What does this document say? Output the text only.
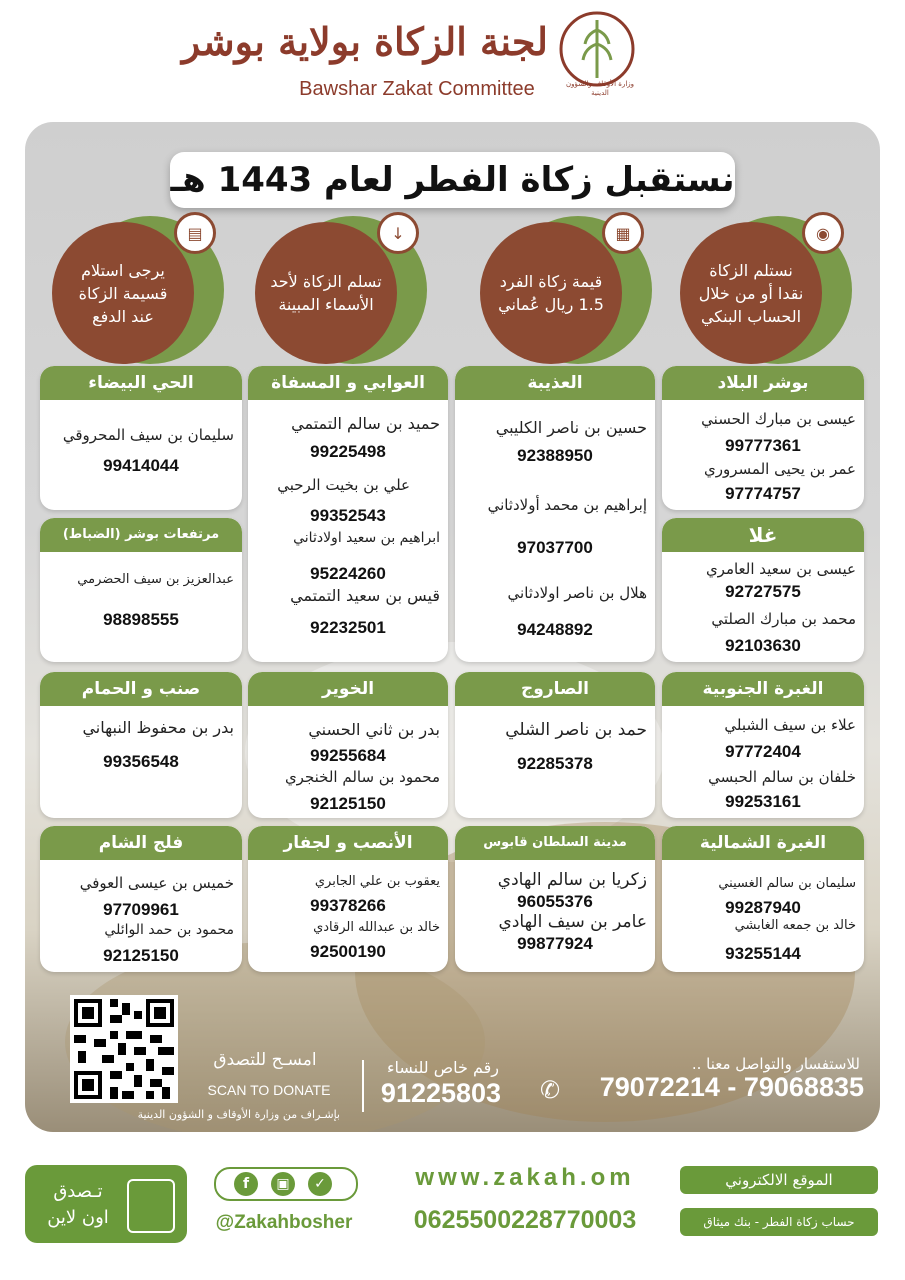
لجنة الزكاة بولاية بوشر
Bawshar Zakat Committee	وزارة الأوقاف والشؤون الدينية
نستقبل زكاة الفطر لعام 1443 هـ
نستلم الزكاة
نقدا أو من خلال
الحساب البنكي
◉
قيمة زكاة الفرد
1.5 ريال عُماني
▦
تسلم الزكاة لأحد
الأسماء المبينة
↓
يرجى استلام
قسيمة الزكاة
عند الدفع
▤
بوشر البلاد
عيسى بن مبارك الحسني
99777361
عمر بن يحيى المسروري
97774757
العذيبة
حسين بن ناصر الكليبي
92388950
إبراهيم بن محمد أولادثاني
97037700
هلال بن ناصر اولادثاني
94248892
العوابي و المسفاة
حميد بن سالم التمتمي
99225498
علي بن بخيت الرحبي
99352543
ابراهيم بن سعيد اولادثاني
95224260
قيس بن سعيد التمتمي
92232501
الحي البيضاء
سليمان بن سيف المحروقي
99414044
غلا
عيسى بن سعيد العامري
92727575
محمد بن مبارك الصلتي
92103630
مرتفعات بوشر (الضباط)
عبدالعزيز بن سيف الحضرمي
98898555
الغبرة الجنوبية
علاء بن سيف الشبلي
97772404
خلفان بن سالم الحبسي
99253161
الصاروج
حمد بن ناصر الشلي
92285378
الخوير
بدر بن ثاني الحسني
99255684
محمود بن سالم الخنجري
92125150
صنب و الحمام
بدر بن محفوظ النبهاني
99356548
الغبرة الشمالية
سليمان بن سالم الغسيني
99287940
خالد بن جمعه الغابشي
93255144
مدينة السلطان قابوس
زكريا بن سالم الهادي
96055376
عامر بن سيف الهادي
99877924
الأنصب و لجفار
يعقوب بن علي الجابري
99378266
خالد بن عبدالله الرقادي
92500190
فلج الشام
خميس بن عيسى العوفي
97709961
محمود بن حمد الوائلي
92125150
امسـح للتصدق
SCAN TO DONATE
بإشـراف من وزارة الأوقاف و الشؤون الدينية
رقم خاص للنساء
91225803
للاستفسار والتواصل معنا ..
79072214 - 79068835
✆
تـصدق
اون لاين
f	▣	✓
@Zakahbosher
www.zakah.om
0625500228770003
الموقع الالكتروني
حساب زكاة الفطر - بنك ميثاق
